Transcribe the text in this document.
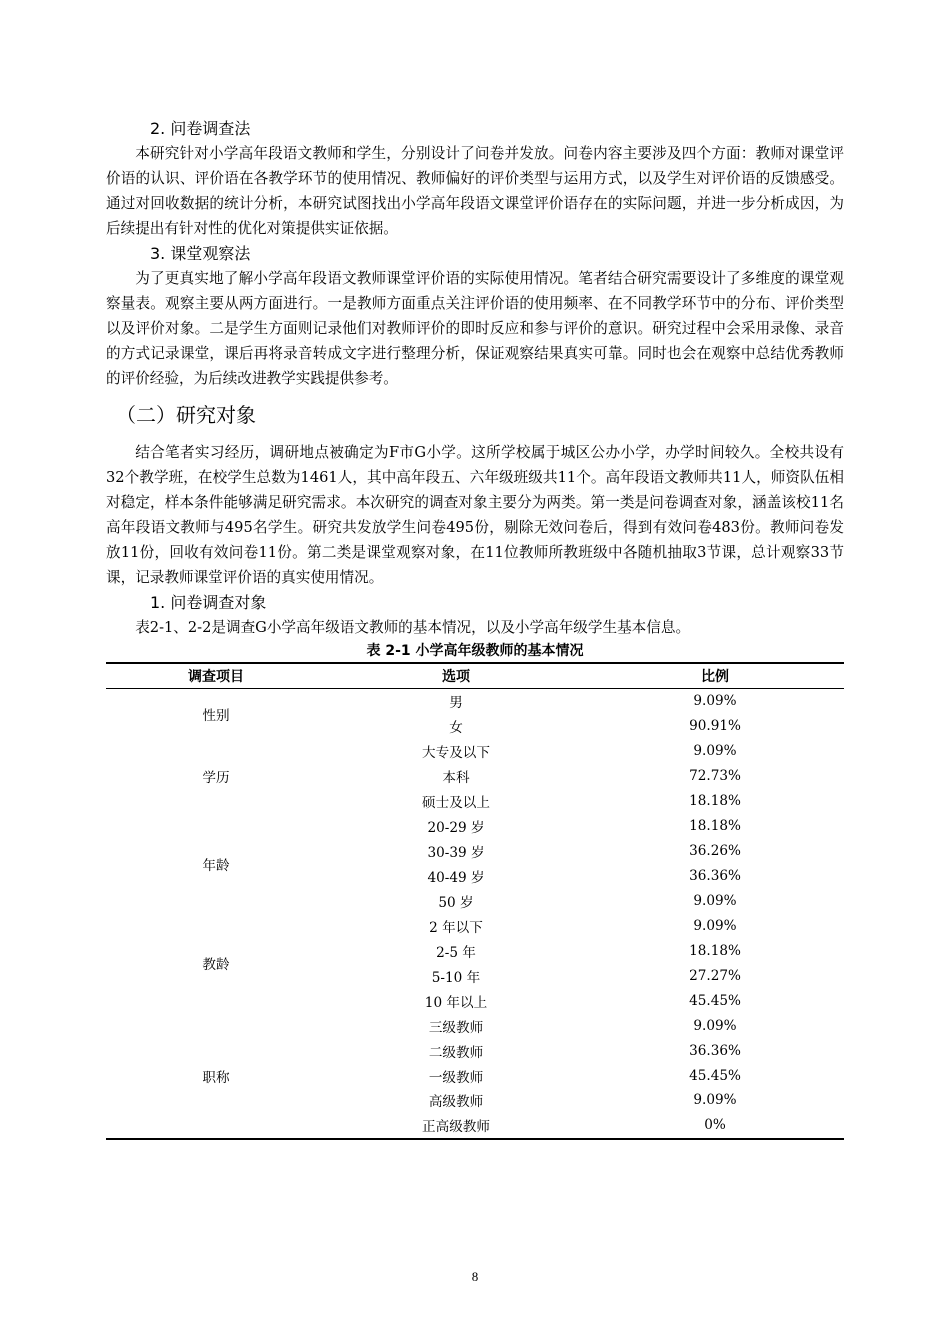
2. 问卷调查法

本研究针对小学高年段语文教师和学生，分别设计了问卷并发放。问卷内容主要涉及四个方面：教师对课堂评价语的认识、评价语在各教学环节的使用情况、教师偏好的评价类型与运用方式，以及学生对评价语的反馈感受。通过对回收数据的统计分析，本研究试图找出小学高年段语文课堂评价语存在的实际问题，并进一步分析成因，为后续提出有针对性的优化对策提供实证依据。

3. 课堂观察法

为了更真实地了解小学高年段语文教师课堂评价语的实际使用情况。笔者结合研究需要设计了多维度的课堂观察量表。观察主要从两方面进行。一是教师方面重点关注评价语的使用频率、在不同教学环节中的分布、评价类型以及评价对象。二是学生方面则记录他们对教师评价的即时反应和参与评价的意识。研究过程中会采用录像、录音的方式记录课堂，课后再将录音转成文字进行整理分析，保证观察结果真实可靠。同时也会在观察中总结优秀教师的评价经验，为后续改进教学实践提供参考。

（二）研究对象

结合笔者实习经历，调研地点被确定为F市G小学。这所学校属于城区公办小学，办学时间较久。全校共设有32个教学班，在校学生总数为1461人，其中高年段五、六年级班级共11个。高年段语文教师共11人，师资队伍相对稳定，样本条件能够满足研究需求。本次研究的调查对象主要分为两类。第一类是问卷调查对象，涵盖该校11名高年段语文教师与495名学生。研究共发放学生问卷495份，剔除无效问卷后，得到有效问卷483份。教师问卷发放11份，回收有效问卷11份。第二类是课堂观察对象，在11位教师所教班级中各随机抽取3节课，总计观察33节课，记录教师课堂评价语的真实使用情况。

1. 问卷调查对象

表2-1、2-2是调查G小学高年级语文教师的基本情况，以及小学高年级学生基本信息。

表 2-1 小学高年级教师的基本情况
调查项目	选项	比例
性别	男	9.09%
	女	90.91%
学历	大专及以下	9.09%
	本科	72.73%
	硕士及以上	18.18%
年龄	20-29 岁	18.18%
	30-39 岁	36.26%
	40-49 岁	36.36%
	50 岁	9.09%
教龄	2 年以下	9.09%
	2-5 年	18.18%
	5-10 年	27.27%
	10 年以上	45.45%
职称	三级教师	9.09%
	二级教师	36.36%
	一级教师	45.45%
	高级教师	9.09%
	正高级教师	0%
8
